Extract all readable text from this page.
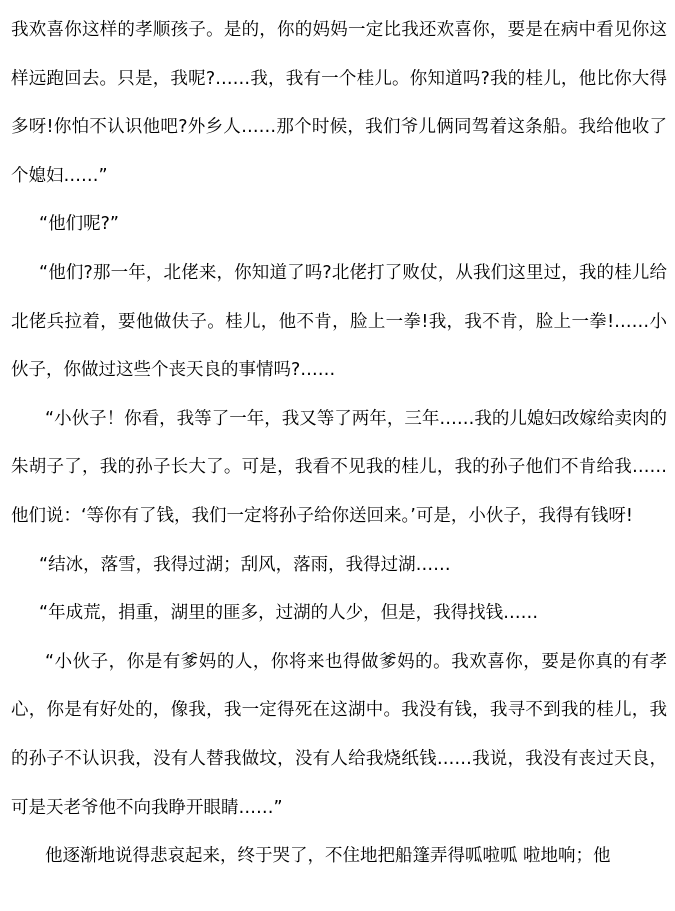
我欢喜你这样的孝顺孩子。是的，你的妈妈一定比我还欢喜你，要是在病中看见你这样远跑回去。只是，我呢?……我，我有一个桂儿。你知道吗?我的桂儿，他比你大得多呀!你怕不认识他吧?外乡人……那个时候，我们爷儿俩同驾着这条船。我给他收了个媳妇……”

“他们呢?”

“他们?那一年，北佬来，你知道了吗?北佬打了败仗，从我们这里过，我的桂儿给北佬兵拉着，要他做伕子。桂儿，他不肯，脸上一拳!我，我不肯，脸上一拳!……小伙子，你做过这些个丧天良的事情吗?……

“小伙子！你看，我等了一年，我又等了两年，三年……我的儿媳妇改嫁给卖肉的朱胡子了，我的孙子长大了。可是，我看不见我的桂儿，我的孙子他们不肯给我……他们说：‘等你有了钱，我们一定将孙子给你送回来。’可是，小伙子，我得有钱呀!

“结冰，落雪，我得过湖；刮风，落雨，我得过湖……

“年成荒，捐重，湖里的匪多，过湖的人少，但是，我得找钱……

“小伙子，你是有爹妈的人，你将来也得做爹妈的。我欢喜你，要是你真的有孝心，你是有好处的，像我，我一定得死在这湖中。我没有钱，我寻不到我的桂儿，我的孙子不认识我，没有人替我做坟，没有人给我烧纸钱……我说，我没有丧过天良，可是天老爷他不向我睁开眼睛……”

他逐渐地说得悲哀起来，终于哭了，不住地把船篷弄得呱啦呱 啦地响；他
